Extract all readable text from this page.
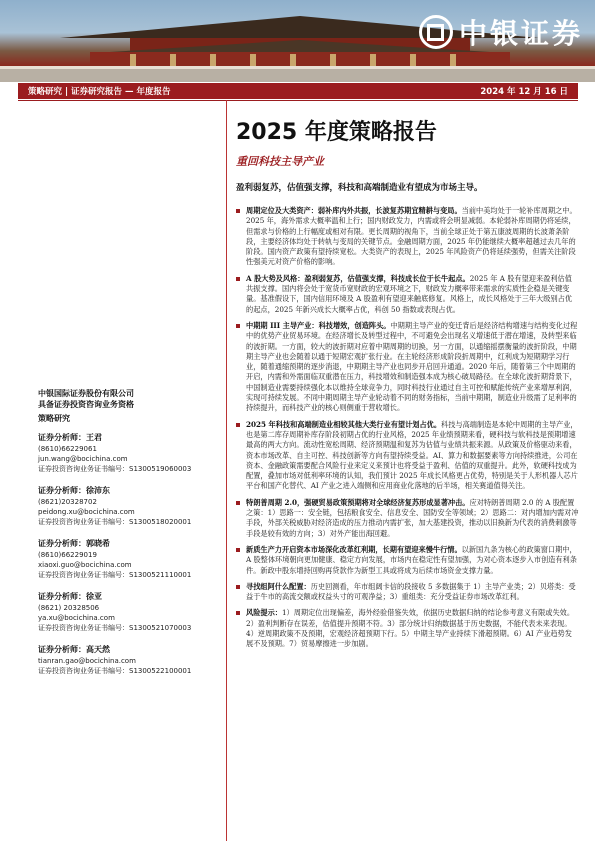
中银证券
策略研究 | 证券研究报告 — 年度报告	2024 年 12 月 16 日
2025 年度策略报告
重回科技主导产业
盈利弱复苏，估值强支撑，科技和高端制造业有望成为市场主导。
周期定位及大类资产：弱补库内外共振，长波复苏期宜精耕与变局。当前中美均处于一轮补库周期之中。2025 年，海外需求大概率温和上行；国内财政发力，内需或将会明显减弱。本轮弱补库周期仍将延续，但需求与价格的上行幅度或相对有限。更长周期的视角下，当前全球正处于第五康波周期的长波萧条阶段，主要经济体均处于转轨与变局的关键节点。金融周期方面，2025 年仍能继续大概率超越过去几年的阶段。国内资产政策有望持续宽松。大类资产的表现上，2025 年风险资产仍将延续强势，但需关注阶段性强美元对资产价格的影响。
A 股大势及风格：盈利弱复苏，估值强支撑，科技成长位于长牛起点。2025 年 A 股有望迎来盈利估值共振支撑。国内将会处于宽货币宽财政的宏观环境之下，财政发力概率带来需求的实质性企稳是关键变量。基准假设下，国内信用环境及 A 股盈利有望迎来触底修复。风格上，成长风格处于三年大级别占优的起点，2025 年新兴成长大概率占优，科创 50 指数或表现占优。
中期期 III 主导产业：科技增效，创造阵头。中期期主导产业的变迁背后是经济结构增速与结构变化过程中的优势产业贸易环境。在经济增长及转型过程中，不可避免会出现名义增速低于潜在增速，及转型来临的波折期。一方面，较大的波折期对应着中期周期的切换，另一方面，以通缩摇摆衡量的波折阶段，中期期主导产业也会随着以通于短期宏观扩张行业。在主轮经济形成阶段折周期中，红利成为短期期学习行业，随着通缩预期的逐步消退，中期期主导产业也同步开启回升通道。2020 年后，随着第三个中周期的开启，内需和外需面临双重潜在压力，科技增效和制造强本成为核心破局路径。在全球化波折期背景下，中国制造业需要持续强化本以维持全球竞争力，同时科技行业通过自主可控和赋能传统产业来增厚利润，实现可持续发展。不同中期周期主导产业轮动着不同的财务指标，当前中期期，制造业升级需了足利率的持续提升，而科技产业的核心则侧重于营收增长。
2025 年科技和高端制造业相较其他大类行业有望计划占优。科技与高端制造是本轮中周期的主导产业，也是第二库存周期补库存阶段初期占优的行业风格，2025 年业绩预期来看，硬科技与软科技是预期增速最高的两大方向。流动性宽松周期、经济预期温和复苏为估值与业绩共振来源。从政策及价格驱动来看，资本市场改革、自主可控、科技创新等方向有望持续受益。AI、算力和数据要素等方向持续推进，公司在资本、金融政策需要配合风险行业来定义来预计也将受益于盈利、估值的双重提升。此外，软硬科技成为配置，叠加市场对低利率环境的认知，我们预计 2025 年成长风格更占优势，特别是关于人形机器人芯片平台和国产化替代、AI 产业之进入端侧和应用商业化落地的后半场，相关赛道值得关注。
特朗普周期 2.0，强硬贸易政策预期将对全球经济复苏形成显著冲击。应对特朗普周期 2.0 的 A 股配置之策：1）思路一：安全链，包括粮食安全、信息安全、国防安全等领域；2）思路二：对内增加内需对冲手段，外部关税威胁对经济造成的压力推动内需扩张，加大基建投资，推动以旧换新为代表的消费刺激等手段是较有效的方向；3）对外产能出海回避。
新质生产力开启资本市场深化改革红利期，长期有望迎来慢牛行情。以新国九条为核心的政策窗口期中，A 股整体环境朝向更加健康、稳定方向发展，市场内在稳定性有望加强，为对心资本逐步入市创造有利条件。新政中股东增持回购再贷款作为新型工具或将成为后续市场资金支撑力量。
寻找组阿什么配置：历史回测看，年市组阔卡信的段接收 5 多数据集于 1）主导产业类；2）贝塔类：受益于牛市的高流交额或权益头寸的可观净益；3）重组类：充分受益证券市场改革红利。
风险提示：1）周期定位出现偏差，海外经验借鉴失效，依据历史数据归纳的结论参考意义有限或失效。2）盈利判断存在误差，估值提升预期不符。3）部分统计归纳数据基于历史数据，不能代表未来表现。4）逆周期政策不及预期，宏观经济超预期下行。5）中期主导产业持续下滑超预期。6）AI 产业趋势发展不及预期。7）贸易摩擦进一步加剧。
中银国际证券股份有限公司
具备证券投资咨询业务资格
策略研究
证券分析师：王君
(8610)66229061
jun.wang@bocichina.com
证券投资咨询业务证书编号：S1300519060003
证券分析师：徐沛东
(8621)20328702
peidong.xu@bocichina.com
证券投资咨询业务证书编号：S1300518020001
证券分析师：郭晓希
(8610)66229019
xiaoxi.guo@bocichina.com
证券投资咨询业务证书编号：S1300521110001
证券分析师：徐亚
(8621) 20328506
ya.xu@bocichina.com
证券投资咨询业务证书编号：S1300521070003
证券分析师：高天然
tianran.gao@bocichina.com
证券投资咨询业务证书编号：S1300522100001
